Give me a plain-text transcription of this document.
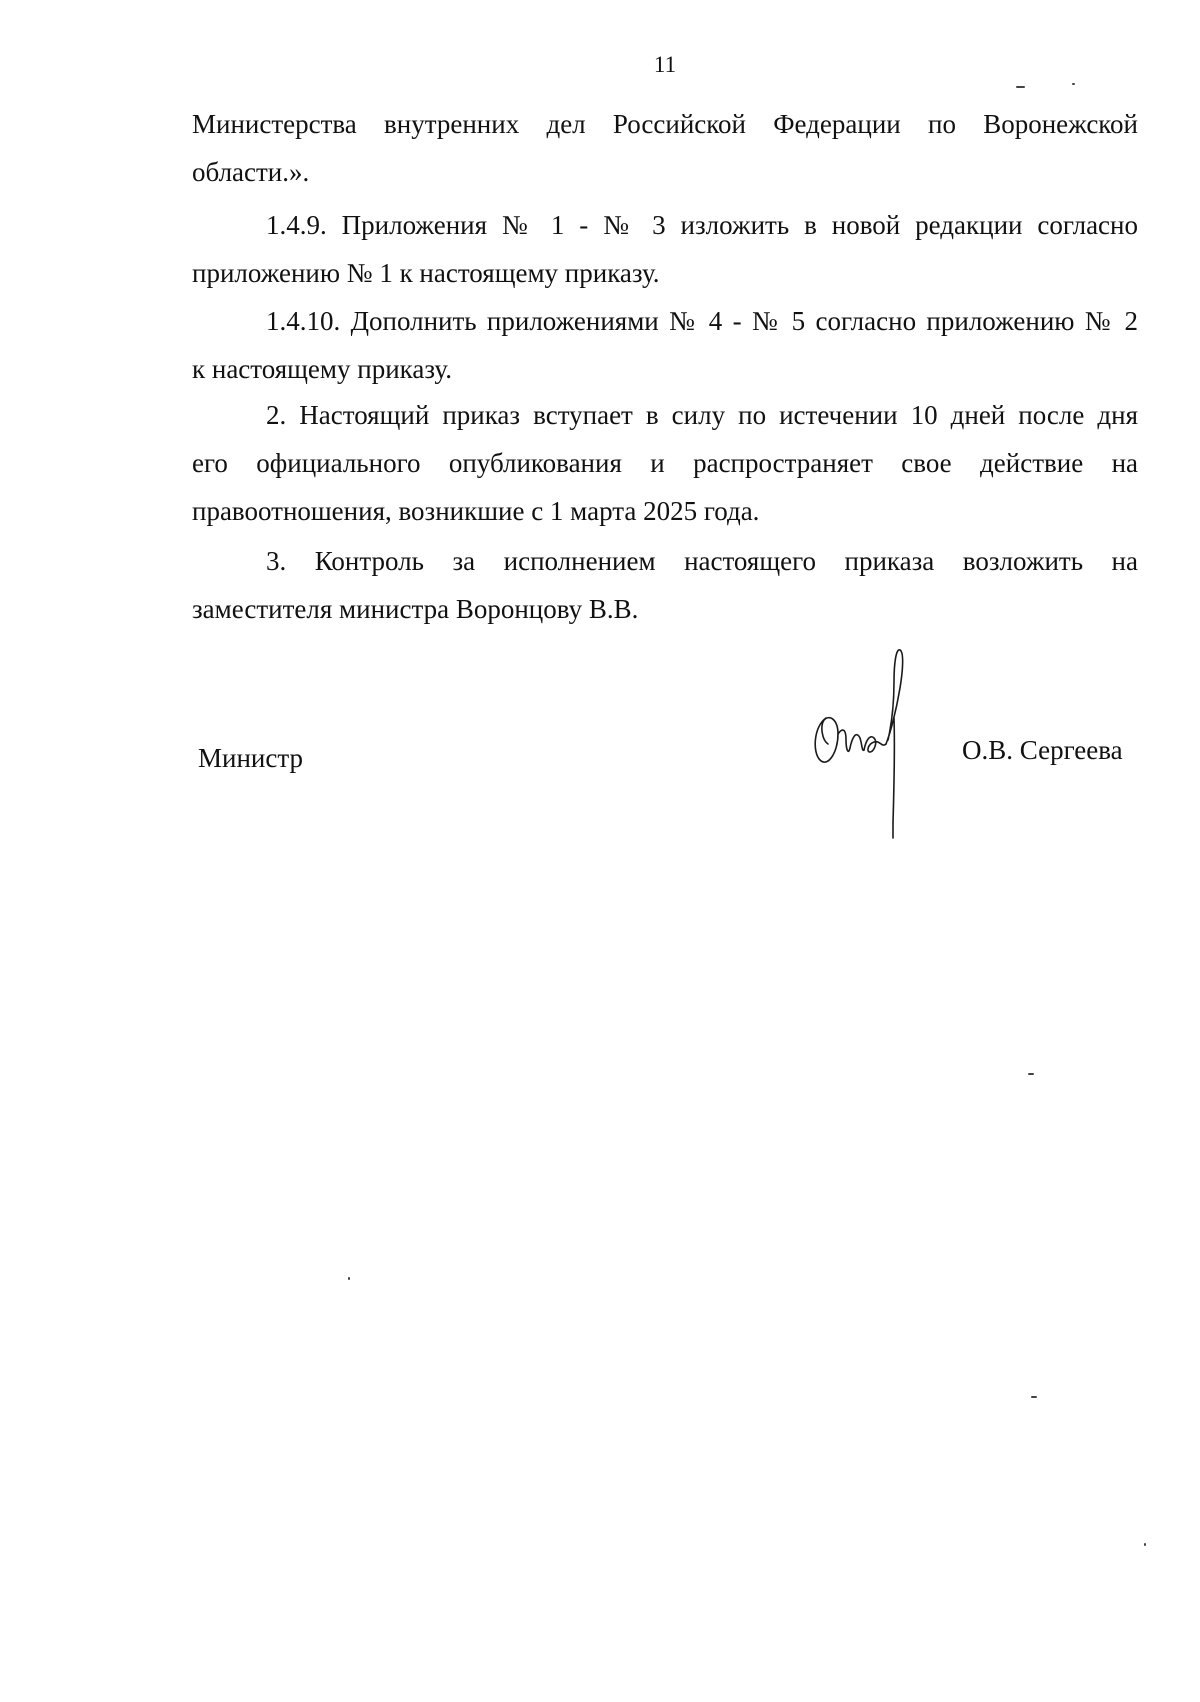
11
Министерства внутренних дел Российской Федерации по Воронежской
области.».
1.4.9. Приложения № 1 - № 3 изложить в новой редакции согласно
приложению № 1 к настоящему приказу.
1.4.10. Дополнить приложениями № 4 - № 5 согласно приложению № 2
к настоящему приказу.
2. Настоящий приказ вступает в силу по истечении 10 дней после дня
его официального опубликования и распространяет свое действие на
правоотношения, возникшие с 1 марта 2025 года.
3. Контроль за исполнением настоящего приказа возложить на
заместителя министра Воронцову В.В.
Министр	О.В. Сергеева
